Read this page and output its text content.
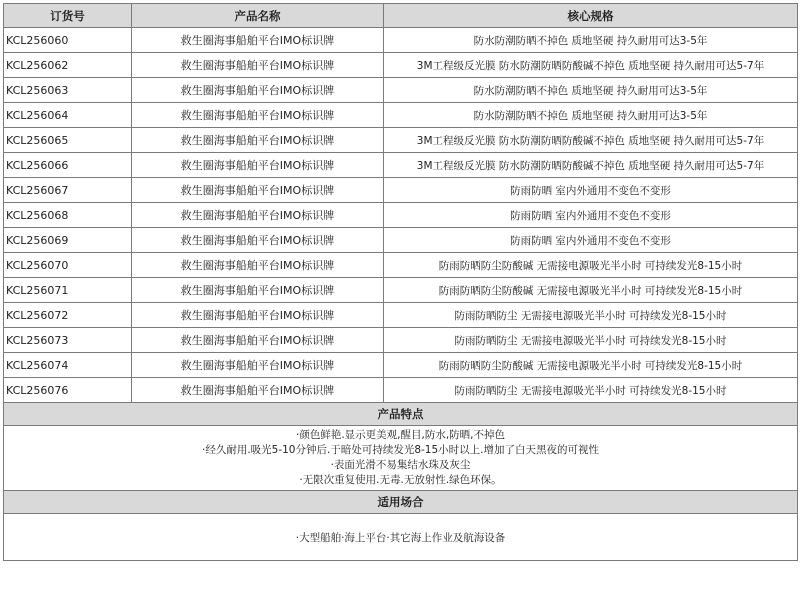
订货号	产品名称	核心规格
KCL256060	救生圈海事船舶平台IMO标识牌	防水防潮防晒不掉色 质地坚硬 持久耐用可达3-5年
KCL256062	救生圈海事船舶平台IMO标识牌	3M工程级反光膜 防水防潮防晒防酸碱不掉色 质地坚硬 持久耐用可达5-7年
KCL256063	救生圈海事船舶平台IMO标识牌	防水防潮防晒不掉色 质地坚硬 持久耐用可达3-5年
KCL256064	救生圈海事船舶平台IMO标识牌	防水防潮防晒不掉色 质地坚硬 持久耐用可达3-5年
KCL256065	救生圈海事船舶平台IMO标识牌	3M工程级反光膜 防水防潮防晒防酸碱不掉色 质地坚硬 持久耐用可达5-7年
KCL256066	救生圈海事船舶平台IMO标识牌	3M工程级反光膜 防水防潮防晒防酸碱不掉色 质地坚硬 持久耐用可达5-7年
KCL256067	救生圈海事船舶平台IMO标识牌	防雨防晒 室内外通用不变色不变形
KCL256068	救生圈海事船舶平台IMO标识牌	防雨防晒 室内外通用不变色不变形
KCL256069	救生圈海事船舶平台IMO标识牌	防雨防晒 室内外通用不变色不变形
KCL256070	救生圈海事船舶平台IMO标识牌	防雨防晒防尘防酸碱 无需接电源吸光半小时 可持续发光8-15小时
KCL256071	救生圈海事船舶平台IMO标识牌	防雨防晒防尘防酸碱 无需接电源吸光半小时 可持续发光8-15小时
KCL256072	救生圈海事船舶平台IMO标识牌	防雨防晒防尘 无需接电源吸光半小时 可持续发光8-15小时
KCL256073	救生圈海事船舶平台IMO标识牌	防雨防晒防尘 无需接电源吸光半小时 可持续发光8-15小时
KCL256074	救生圈海事船舶平台IMO标识牌	防雨防晒防尘防酸碱 无需接电源吸光半小时 可持续发光8-15小时
KCL256076	救生圈海事船舶平台IMO标识牌	防雨防晒防尘 无需接电源吸光半小时 可持续发光8-15小时
产品特点		

·颜色鲜艳.显示更美观,醒目,防水,防晒,不掉色
·经久耐用.吸光5-10分钟后.于暗处可持续发光8-15小时以上.增加了白天黑夜的可视性
·表面光滑不易集结水珠及灰尘
·无限次重复使用.无毒.无放射性.绿色环保。		

适用场合		
·大型船舶·海上平台·其它海上作业及航海设备		
